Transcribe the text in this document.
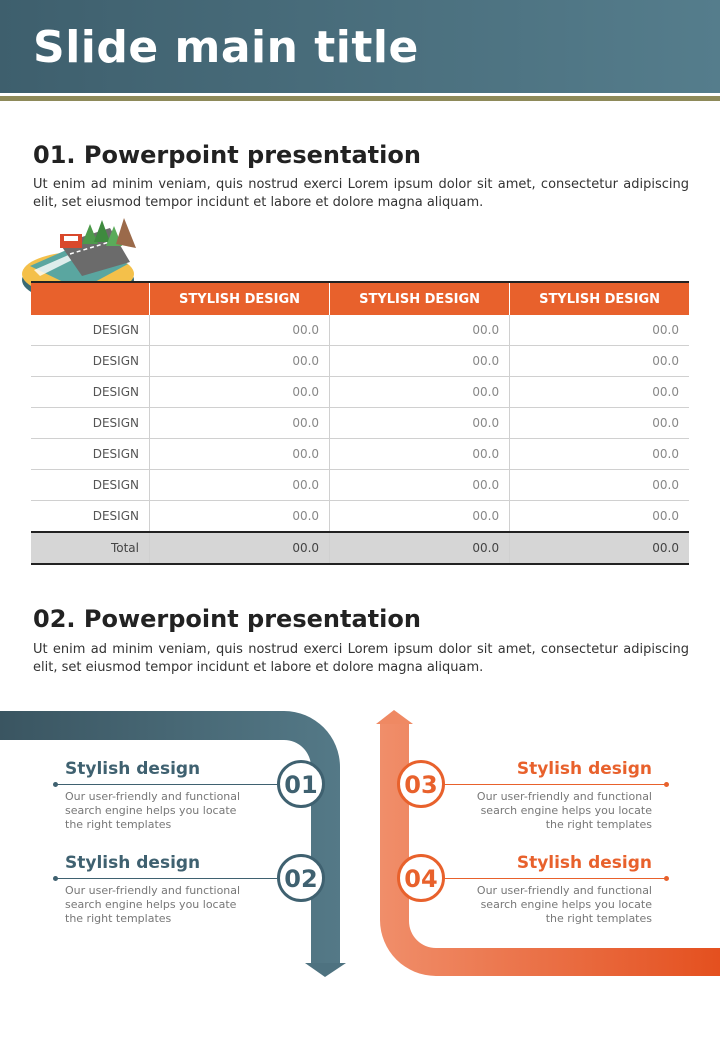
Slide main title
01. Powerpoint presentation
Ut enim ad minim veniam, quis nostrud exerci Lorem ipsum dolor sit amet, consectetur adipiscing elit, set eiusmod tempor incidunt et labore et dolore magna aliquam.
	STYLISH DESIGN	STYLISH DESIGN	STYLISH DESIGN
DESIGN	00.0	00.0	00.0
DESIGN	00.0	00.0	00.0
DESIGN	00.0	00.0	00.0
DESIGN	00.0	00.0	00.0
DESIGN	00.0	00.0	00.0
DESIGN	00.0	00.0	00.0
DESIGN	00.0	00.0	00.0
Total	00.0	00.0	00.0
02. Powerpoint presentation
Ut enim ad minim veniam, quis nostrud exerci Lorem ipsum dolor sit amet, consectetur adipiscing elit, set eiusmod tempor incidunt et labore et dolore magna aliquam.
Stylish design
Our user-friendly and functional search engine helps you locate the right templates
01
Stylish design
Our user-friendly and functional search engine helps you locate the right templates
02
Stylish design
Our user-friendly and functional search engine helps you locate the right templates
03
Stylish design
Our user-friendly and functional search engine helps you locate the right templates
04
